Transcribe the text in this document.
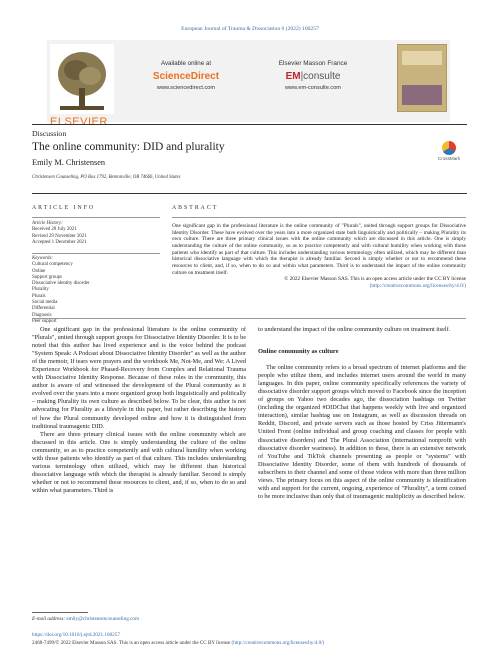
European Journal of Trauma & Dissociation 6 (2022) 100257
ELSEVIER
Available online at
ScienceDirect
www.sciencedirect.com
Elsevier Masson France
EM|consulte
www.em-consulte.com
Discussion
The online community: DID and plurality
Emily M. Christensen
Christensen Counseling, PO Box 1792, Bentonville, OR 74666, United States
CrossMark
ARTICLE INFO	ABSTRACT
Article History:
Received 28 July 2021
Revised 29 November 2021
Accepted 1 December 2021
Keywords:
Cultural competency
Online
Support groups
Dissociative identity disorder
Plurality
Plurals
Social media
Differential
Diagnosis
Peer support
One significant gap in the professional literature is the online community of "Plurals", united through support groups for Dissociative Identity Disorder. These have evolved over the years into a more organized state both linguistically and politically – making Plurality its own culture. There are three primary clinical issues with the online community which are discussed in this article. One is simply understanding the culture of the online community, so as to practice competently and with cultural humility when working with those patients who identify as part of that culture. This includes understanding various terminology often utilized, which may be different than historical dissociative language with which the therapist is already familiar. Second is simply whether or not to recommend these resources to client, and, if so, when to do so and within what parameters. Third is to understand the impact of the online community culture on treatment itself.
© 2022 Elsevier Masson SAS. This is an open access article under the CC BY license
(http://creativecommons.org/licenses/by/4.0/)

One significant gap in the professional literature is the online community of "Plurals", united through support groups for Dissociative Identity Disorder. It is to be noted that this author has lived experience and is the voice behind the podcast "System Speak: A Podcast about Dissociative Identity Disorder" as well as the author of the memoir, If tears were prayers and the workbook Me, Not-Me, and We: A Lived Experience Workbook for Phased-Recovery from Complex and Relational Trauma with Dissociative Identity Response. Because of these roles in the community, this author is aware of and witnessed the development of the Plural community as it evolved over the years into a more organized group both linguistically and politically – making Plurality its own culture as described below. To be clear, this author is not advocating for Plurality as a lifestyle in this paper, but rather describing the history of how the Plural community developed online and how it is distinguished from traditional traumagenic DID.

There are three primary clinical issues with the online community which are discussed in this article. One is simply understanding the culture of the online community, so as to practice competently and with cultural humility when working with those patients who identify as part of that culture. This includes understanding various terminology often utilized, which may be different than historical dissociative language with which the therapist is already familiar. Second is simply whether or not to recommend these resources to client, and, if so, when to do so and within what parameters. Third is

to understand the impact of the online community culture on treatment itself.

Online community as culture

The online community refers to a broad spectrum of internet platforms and the people who utilize them, and includes internet users around the world in many languages. In this paper, online community specifically references the variety of dissociative disorder support groups which moved to Facebook since the inception of groups on Yahoo two decades ago, the dissociation hashtags on Twitter (including the organized #DIDChat that happens weekly with live and organized interaction), similar hashtag use on Instagram, as well as discussion threads on Reddit, Discord, and private servers such as those hosted by Criss Jittermann's United Front (online individual and group coaching and classes for people with dissociative disorders) and The Plural Association (international nonprofit with dissociative disorder wariness). In addition to these, there is an extensive network of YouTube and TikTok channels presenting as people or "systems" with Dissociative Identity Disorder, some of them with hundreds of thousands of subscribers to their channel and some of those videos with more than three million views. The primary focus on this aspect of the online community is identification with and support for the current, ongoing, experience of "Plurality", a term coined to be more inclusive than only that of traumagenic multiplicity as described below.

E-mail address: emily@christensencounseling.com
https://doi.org/10.1016/j.ejtd.2021.100257
2468-7499/© 2022 Elsevier Masson SAS. This is an open access article under the CC BY license (http://creativecommons.org/licenses/by/4.0/)
